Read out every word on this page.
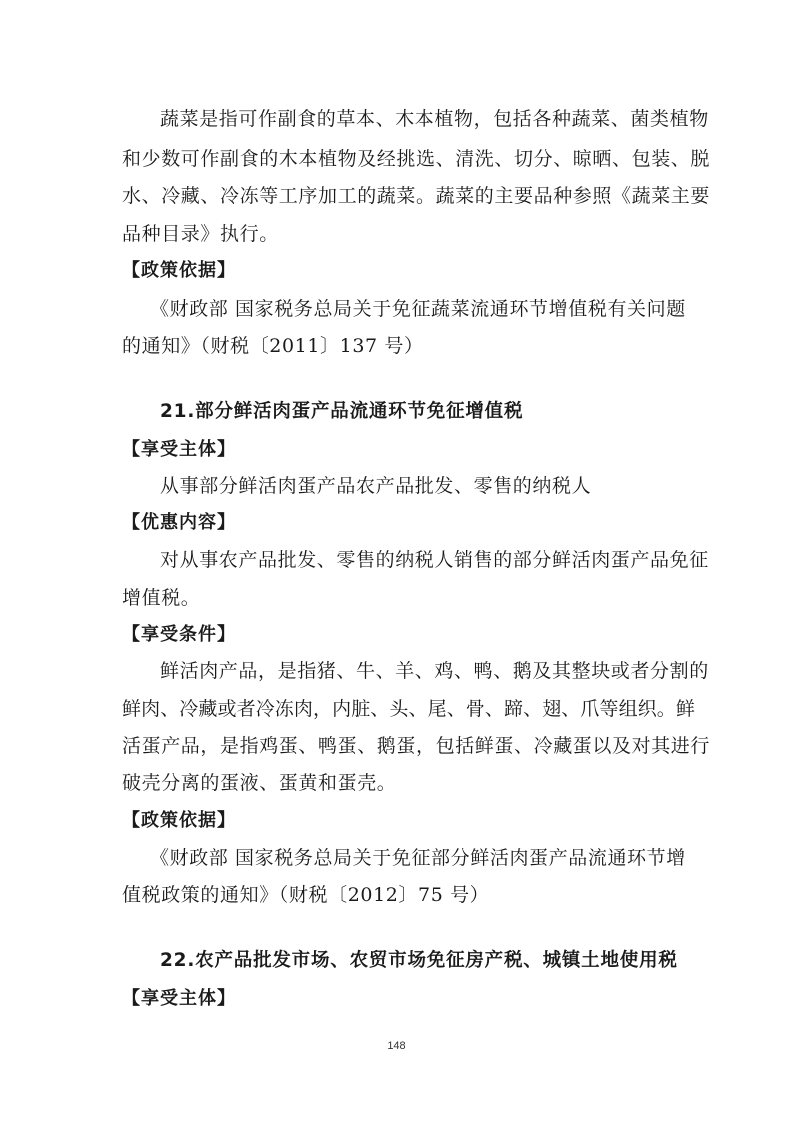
蔬菜是指可作副食的草本、木本植物，包括各种蔬菜、菌类植物
和少数可作副食的木本植物及经挑选、清洗、切分、晾晒、包装、脱
水、冷藏、冷冻等工序加工的蔬菜。蔬菜的主要品种参照《蔬菜主要
品种目录》执行。
【政策依据】
《财政部 国家税务总局关于免征蔬菜流通环节增值税有关问题
的通知》（财税〔2011〕137 号）
21.部分鲜活肉蛋产品流通环节免征增值税
【享受主体】
从事部分鲜活肉蛋产品农产品批发、零售的纳税人
【优惠内容】
对从事农产品批发、零售的纳税人销售的部分鲜活肉蛋产品免征
增值税。
【享受条件】
鲜活肉产品，是指猪、牛、羊、鸡、鸭、鹅及其整块或者分割的
鲜肉、冷藏或者冷冻肉，内脏、头、尾、骨、蹄、翅、爪等组织。鲜
活蛋产品，是指鸡蛋、鸭蛋、鹅蛋，包括鲜蛋、冷藏蛋以及对其进行
破壳分离的蛋液、蛋黄和蛋壳。
【政策依据】
《财政部 国家税务总局关于免征部分鲜活肉蛋产品流通环节增
值税政策的通知》（财税〔2012〕75 号）
22.农产品批发市场、农贸市场免征房产税、城镇土地使用税
【享受主体】
148
